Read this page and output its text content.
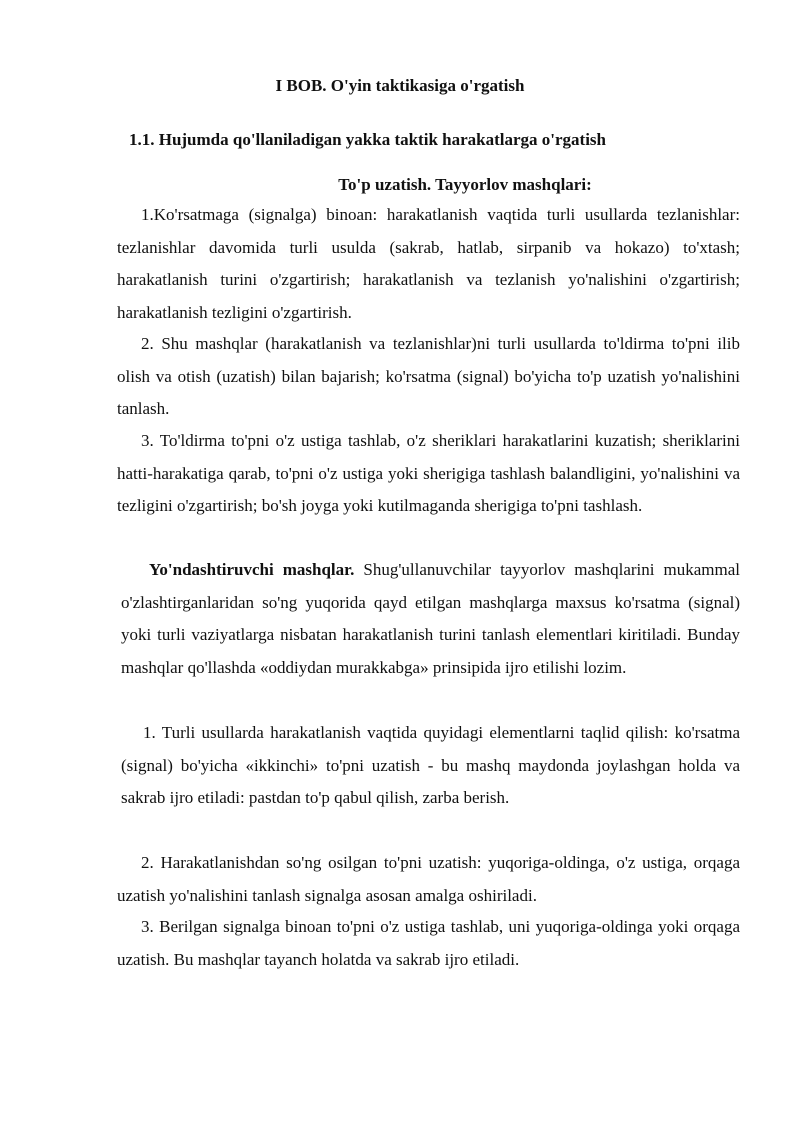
I BOB. O'yin taktikasiga o'rgatish
1.1. Hujumda qo'llaniladigan yakka taktik harakatlarga o'rgatish
To'p uzatish. Tayyorlov mashqlari:

1.Ko'rsatmaga (signalga) binoan: harakatlanish vaqtida turli usullarda tezlanishlar: tezlanishlar davomida turli usulda (sakrab, hatlab, sirpanib va hokazo) to'xtash; harakatlanish turini o'zgartirish; harakatlanish va tezlanish yo'nalishini o'zgartirish; harakatlanish tezligini o'zgartirish.

2. Shu mashqlar (harakatlanish va tezlanishlar)ni turli usullarda to'ldirma to'pni ilib olish va otish (uzatish) bilan bajarish; ko'rsatma (signal) bo'yicha to'p uzatish yo'nalishini tanlash.

3. To'ldirma to'pni o'z ustiga tashlab, o'z sheriklari harakatlarini kuzatish; sheriklarini hatti-harakatiga qarab, to'pni o'z ustiga yoki sherigiga tashlash balandligini, yo'nalishini va tezligini o'zgartirish; bo'sh joyga yoki kutilmaganda sherigiga to'pni tashlash.

Yo'ndashtiruvchi mashqlar. Shug'ullanuvchilar tayyorlov mashqlarini mukammal o'zlashtirganlaridan so'ng yuqorida qayd etilgan mashqlarga maxsus ko'rsatma (signal) yoki turli vaziyatlarga nisbatan harakatlanish turini tanlash elementlari kiritiladi. Bunday mashqlar qo'llashda «oddiydan murakkabga» prinsipida ijro etilishi lozim.

1. Turli usullarda harakatlanish vaqtida quyidagi elementlarni taqlid qilish: ko'rsatma (signal) bo'yicha «ikkinchi» to'pni uzatish - bu mashq maydonda joylashgan holda va sakrab ijro etiladi: pastdan to'p qabul qilish, zarba berish.

2. Harakatlanishdan so'ng osilgan to'pni uzatish: yuqoriga-oldinga, o'z ustiga, orqaga uzatish yo'nalishini tanlash signalga asosan amalga oshiriladi.

3. Berilgan signalga binoan to'pni o'z ustiga tashlab, uni yuqoriga-oldinga yoki orqaga uzatish. Bu mashqlar tayanch holatda va sakrab ijro etiladi.
